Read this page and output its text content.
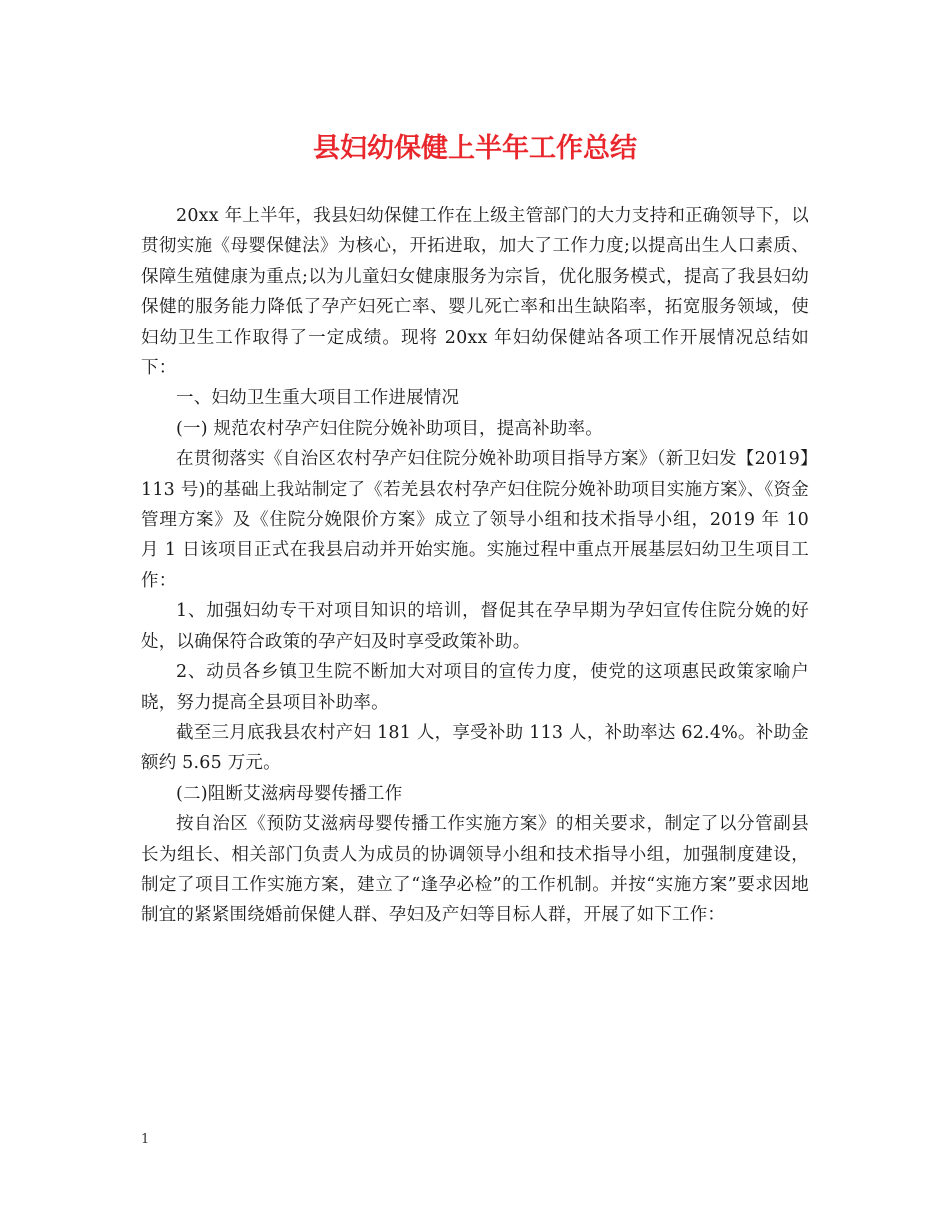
县妇幼保健上半年工作总结

20xx 年上半年，我县妇幼保健工作在上级主管部门的大力支持和正确领导下，以贯彻实施《母婴保健法》为核心，开拓进取，加大了工作力度;以提高出生人口素质、保障生殖健康为重点;以为儿童妇女健康服务为宗旨，优化服务模式，提高了我县妇幼保健的服务能力降低了孕产妇死亡率、婴儿死亡率和出生缺陷率，拓宽服务领域，使妇幼卫生工作取得了一定成绩。现将 20xx 年妇幼保健站各项工作开展情况总结如下：

一、妇幼卫生重大项目工作进展情况

(一) 规范农村孕产妇住院分娩补助项目，提高补助率。

在贯彻落实《自治区农村孕产妇住院分娩补助项目指导方案》（新卫妇发【2019】113 号)的基础上我站制定了《若羌县农村孕产妇住院分娩补助项目实施方案》、《资金管理方案》及《住院分娩限价方案》成立了领导小组和技术指导小组，2019 年 10 月 1 日该项目正式在我县启动并开始实施。实施过程中重点开展基层妇幼卫生项目工作：

1、加强妇幼专干对项目知识的培训，督促其在孕早期为孕妇宣传住院分娩的好处，以确保符合政策的孕产妇及时享受政策补助。

2、动员各乡镇卫生院不断加大对项目的宣传力度，使党的这项惠民政策家喻户晓，努力提高全县项目补助率。

截至三月底我县农村产妇 181 人，享受补助 113 人，补助率达 62.4%。补助金额约 5.65 万元。

(二)阻断艾滋病母婴传播工作

按自治区《预防艾滋病母婴传播工作实施方案》的相关要求，制定了以分管副县长为组长、相关部门负责人为成员的协调领导小组和技术指导小组，加强制度建设，制定了项目工作实施方案，建立了“逢孕必检”的工作机制。并按“实施方案”要求因地制宜的紧紧围绕婚前保健人群、孕妇及产妇等目标人群，开展了如下工作：

1
